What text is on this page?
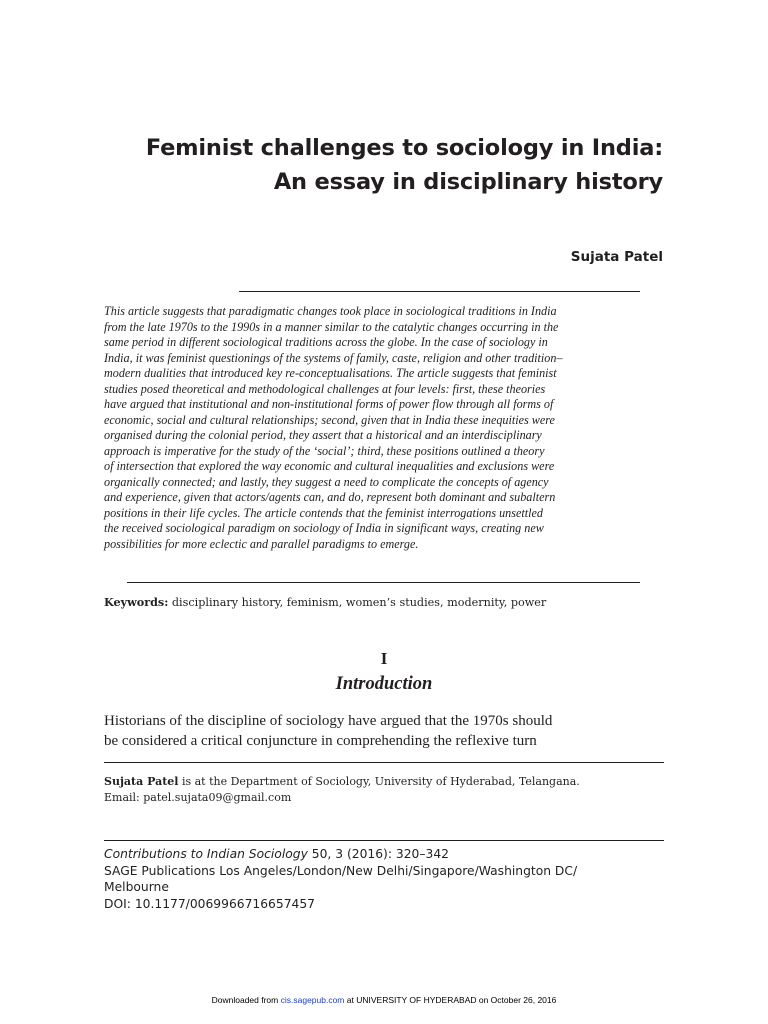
Feminist challenges to sociology in India:
An essay in disciplinary history
Sujata Patel
This article suggests that paradigmatic changes took place in sociological traditions in India
from the late 1970s to the 1990s in a manner similar to the catalytic changes occurring in the
same period in different sociological traditions across the globe. In the case of sociology in
India, it was feminist questionings of the systems of family, caste, religion and other tradition–
modern dualities that introduced key re-conceptualisations. The article suggests that feminist
studies posed theoretical and methodological challenges at four levels: first, these theories
have argued that institutional and non-institutional forms of power flow through all forms of
economic, social and cultural relationships; second, given that in India these inequities were
organised during the colonial period, they assert that a historical and an interdisciplinary
approach is imperative for the study of the ‘social’; third, these positions outlined a theory
of intersection that explored the way economic and cultural inequalities and exclusions were
organically connected; and lastly, they suggest a need to complicate the concepts of agency
and experience, given that actors/agents can, and do, represent both dominant and subaltern
positions in their life cycles. The article contends that the feminist interrogations unsettled
the received sociological paradigm on sociology of India in significant ways, creating new
possibilities for more eclectic and parallel paradigms to emerge.
Keywords: disciplinary history, feminism, women’s studies, modernity, power
I
Introduction
Historians of the discipline of sociology have argued that the 1970s should
be considered a critical conjuncture in comprehending the reflexive turn
Sujata Patel is at the Department of Sociology, University of Hyderabad, Telangana.
Email: patel.sujata09@gmail.com
Contributions to Indian Sociology 50, 3 (2016): 320–342
SAGE Publications Los Angeles/London/New Delhi/Singapore/Washington DC/
Melbourne
DOI: 10.1177/0069966716657457
Downloaded from cis.sagepub.com at UNIVERSITY OF HYDERABAD on October 26, 2016
